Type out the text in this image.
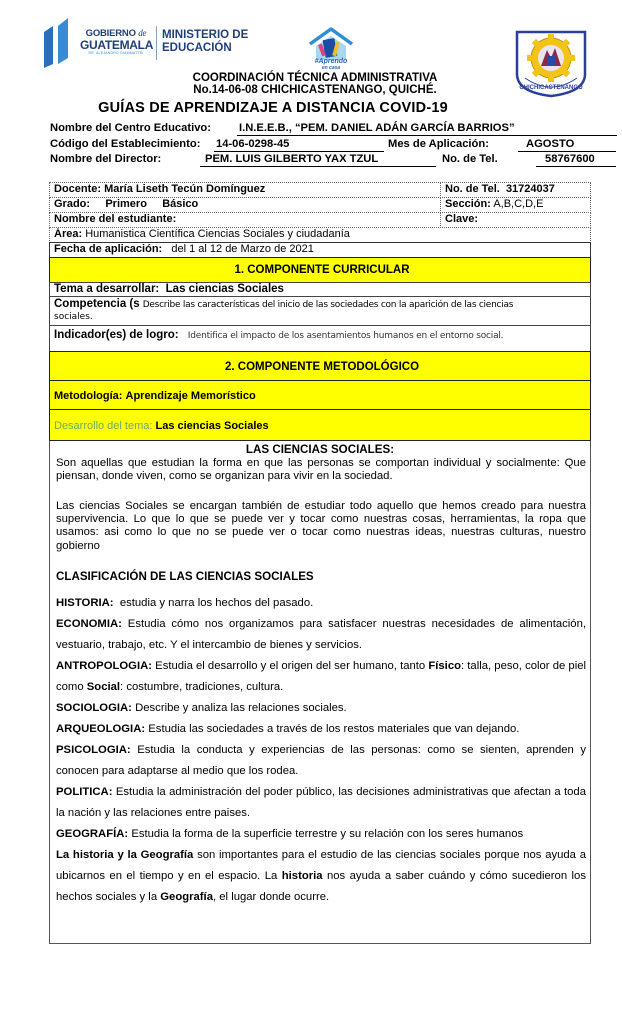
GOBIERNO de
GUATEMALA
DR. ALEJANDRO GIAMMATTEI
MINISTERIO DE
EDUCACIÓN
#Aprendo
en casa
CHICHICASTENANGO
COORDINACIÓN TÉCNICA ADMINISTRATIVA
No.14-06-08 CHICHICASTENANGO, QUICHÉ.
GUÍAS DE APRENDIZAJE A DISTANCIA COVID-19
Nombre del Centro Educativo:	I.N.E.E.B., “PEM. DANIEL ADÁN GARCÍA BARRIOS”
Código del Establecimiento: 14-06-0298-45	Mes de Aplicación:	AGOSTO
Nombre del Director:	PEM. LUIS GILBERTO YAX TZUL	No. de Tel.	58767600
Docente: María Liseth Tecún Domínguez	No. de Tel. 31724037
Grado: Primero     Básico	Sección: A,B,C,D,E
Nombre del estudiante:	Clave:
Área: Humanistica Científica Ciencias Sociales y ciudadanía
Fecha de aplicación: del 1 al 12 de Marzo de 2021
1. COMPONENTE CURRICULAR
Tema a desarrollar: Las ciencias Sociales
Competencia (s Describe las características del inicio de las sociedades con la aparición de las ciencias
sociales.
Indicador(es) de logro: Identifica el impacto de los asentamientos humanos en el entorno social.
2. COMPONENTE METODOLÓGICO
Metodología: Aprendizaje Memorístico
Desarrollo del tema: Las ciencias Sociales
LAS CIENCIAS SOCIALES:
Son aquellas que estudian la forma en que las personas se comportan individual y socialmente: Que piensan, donde viven, como se organizan para vivir en la sociedad.
Las ciencias Sociales se encargan también de estudiar todo aquello que hemos creado para nuestra supervivencia. Lo que lo que se puede ver y tocar como nuestras cosas, herramientas, la ropa que usamos: asi como lo que no se puede ver o tocar como nuestras ideas, nuestras culturas, nuestro gobierno
CLASIFICACIÓN DE LAS CIENCIAS SOCIALES
HISTORIA:  estudia y narra los hechos del pasado.
ECONOMIA: Estudia cómo nos organizamos para satisfacer nuestras necesidades de alimentación, vestuario, trabajo, etc. Y el intercambio de bienes y servicios.
ANTROPOLOGIA: Estudia el desarrollo y el origen del ser humano, tanto Físico: talla, peso, color de piel como Social: costumbre, tradiciones, cultura.
SOCIOLOGIA: Describe y analiza las relaciones sociales.
ARQUEOLOGIA: Estudia las sociedades a través de los restos materiales que van dejando.
PSICOLOGIA: Estudia la conducta y experiencias de las personas: como se sienten, aprenden y conocen para adaptarse al medio que los rodea.
POLITICA: Estudia la administración del poder público, las decisiones administrativas que afectan a toda la nación y las relaciones entre paises.
GEOGRAFÍA: Estudia la forma de la superficie terrestre y su relación con los seres humanos
La historia y la Geografía son importantes para el estudio de las ciencias sociales porque nos ayuda a ubicarnos en el tiempo y en el espacio. La historia nos ayuda a saber cuándo y cómo sucedieron los hechos sociales y la Geografía, el lugar donde ocurre.
